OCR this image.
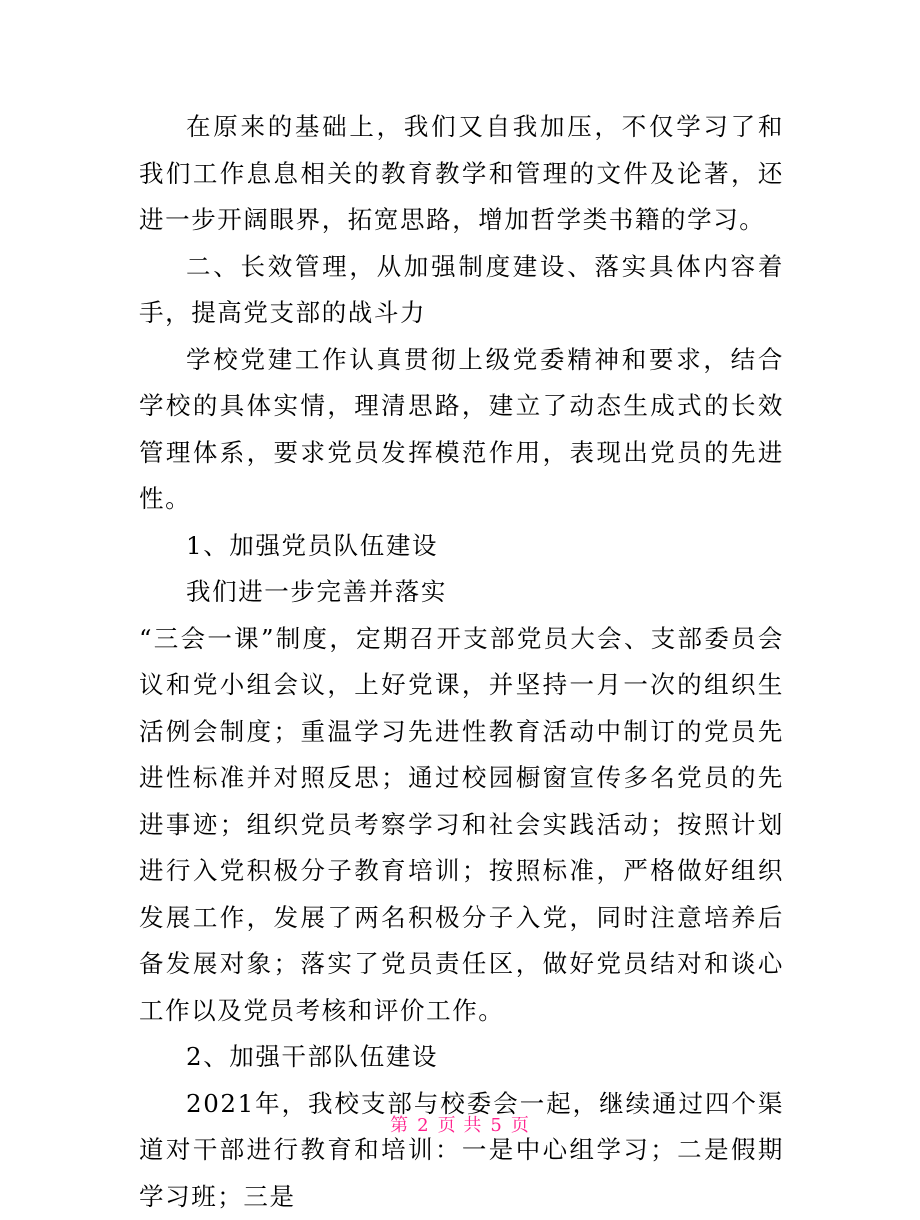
在原来的基础上，我们又自我加压，不仅学习了和我们工作息息相关的教育教学和管理的文件及论著，还进一步开阔眼界，拓宽思路，增加哲学类书籍的学习。

二、长效管理，从加强制度建设、落实具体内容着手，提高党支部的战斗力

学校党建工作认真贯彻上级党委精神和要求，结合学校的具体实情，理清思路，建立了动态生成式的长效管理体系，要求党员发挥模范作用，表现出党员的先进性。

1、加强党员队伍建设

我们进一步完善并落实

“三会一课”制度，定期召开支部党员大会、支部委员会议和党小组会议，上好党课，并坚持一月一次的组织生活例会制度；重温学习先进性教育活动中制订的党员先进性标准并对照反思；通过校园橱窗宣传多名党员的先进事迹；组织党员考察学习和社会实践活动；按照计划进行入党积极分子教育培训；按照标准，严格做好组织发展工作，发展了两名积极分子入党，同时注意培养后备发展对象；落实了党员责任区，做好党员结对和谈心工作以及党员考核和评价工作。

2、加强干部队伍建设

2021年，我校支部与校委会一起，继续通过四个渠道对干部进行教育和培训：一是中心组学习；二是假期学习班；三是

第 2 页 共 5 页
